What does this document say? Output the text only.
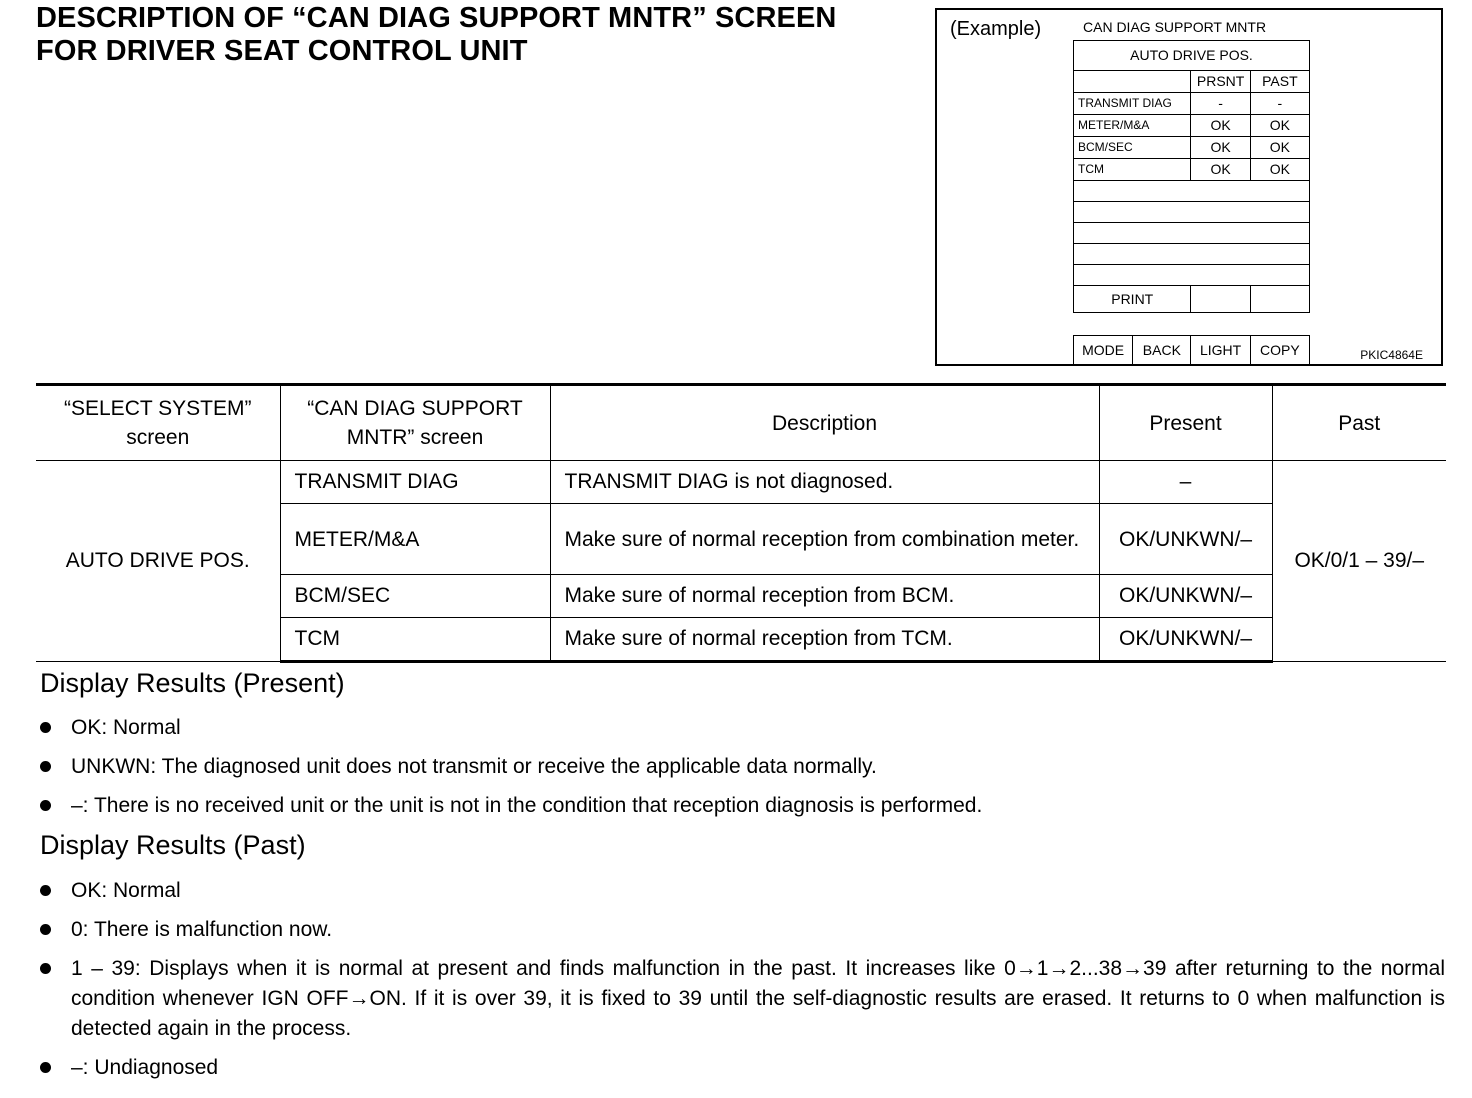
DESCRIPTION OF “CAN DIAG SUPPORT MNTR” SCREEN
FOR DRIVER SEAT CONTROL UNIT
(Example)	CAN DIAG SUPPORT MNTR
AUTO DRIVE POS.		
	PRSNT	PAST
TRANSMIT DIAG	-	-
METER/M&A	OK	OK
BCM/SEC	OK	OK
TCM	OK	OK

PRINT		
MODE	BACK	LIGHT	COPY	PKIC4864E
“SELECT SYSTEM” screen	“CAN DIAG SUPPORT MNTR” screen	Description	Present	Past
AUTO DRIVE POS.	TRANSMIT DIAG	TRANSMIT DIAG is not diagnosed.	–	OK/0/1 – 39/–
	METER/M&A	Make sure of normal reception from combination meter.	OK/UNKWN/–	
	BCM/SEC	Make sure of normal reception from BCM.	OK/UNKWN/–	
	TCM	Make sure of normal reception from TCM.	OK/UNKWN/–	
Display Results (Present)
OK: Normal
UNKWN: The diagnosed unit does not transmit or receive the applicable data normally.
–: There is no received unit or the unit is not in the condition that reception diagnosis is performed.
Display Results (Past)
OK: Normal
0: There is malfunction now.
1 – 39: Displays when it is normal at present and finds malfunction in the past. It increases like 0→1→2...38→39 after returning to the normal condition whenever IGN OFF→ON. If it is over 39, it is fixed to 39 until the self-diagnostic results are erased. It returns to 0 when malfunction is detected again in the process.
–: Undiagnosed
